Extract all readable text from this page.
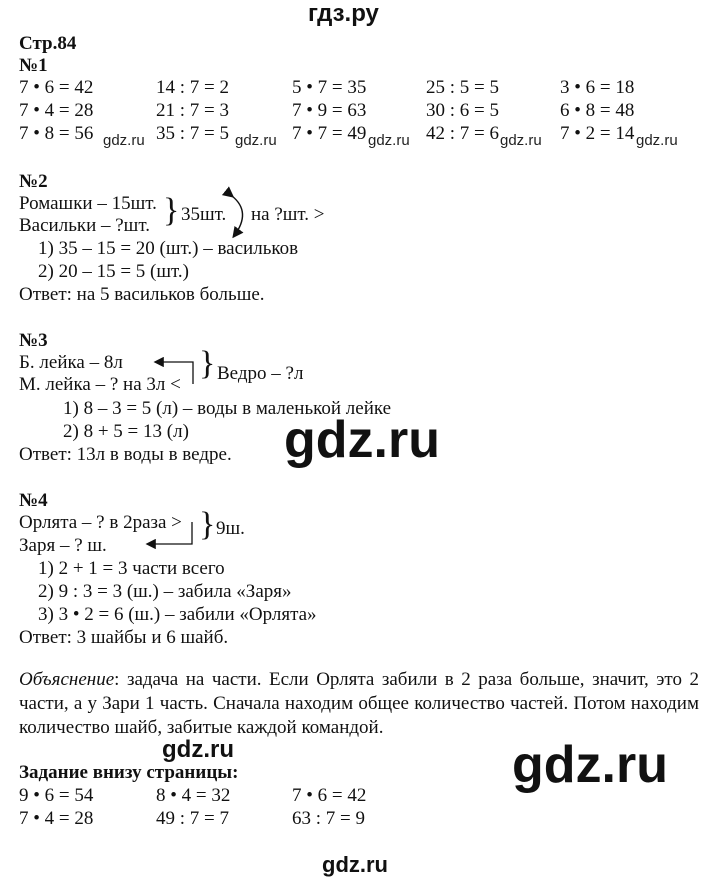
гдз.ру
Стр.84
№1
7 • 6 = 42	14 : 7 = 2	5 • 7 = 35	25 : 5 = 5	3 • 6 = 18
7 • 4 = 28	21 : 7 = 3	7 • 9 = 63	30 : 6 = 5	6 • 8 = 48
7 • 8 = 56	35 : 7 = 5	7 • 7 = 49	42 : 7 = 6	7 • 2 = 14
gdz.ru	gdz.ru	gdz.ru	gdz.ru	gdz.ru
№2
Ромашки – 15шт.
Васильки – ?шт. } 35шт. на ?шт. >
1) 35 – 15 = 20 (шт.) – васильков
2) 20 – 15 = 5 (шт.)
Ответ: на 5 васильков больше.
№3
Б. лейка – 8л
М. лейка – ? на 3л <
} Ведро – ?л
1) 8 – 3 = 5 (л) – воды в маленькой лейке
2) 8 + 5 = 13 (л)
Ответ: 13л в воды в ведре. gdz.ru
№4
Орлята – ? в 2раза >
Заря – ? ш.
} 9ш.
1) 2 + 1 = 3 части всего
2) 9 : 3 = 3 (ш.) – забила «Заря»
3) 3 • 2 = 6 (ш.) – забили «Орлята»
Ответ: 3 шайбы и 6 шайб.
Объяснение: задача на части. Если Орлята забили в 2 раза больше, значит, это 2 части, а у Зари 1 часть. Сначала находим общее количество частей. Потом находим количество шайб, забитые каждой командой.
gdz.ru	gdz.ru
Задание внизу страницы:
9 • 6 = 54	8 • 4 = 32	7 • 6 = 42
7 • 4 = 28	49 : 7 = 7	63 : 7 = 9
gdz.ru
